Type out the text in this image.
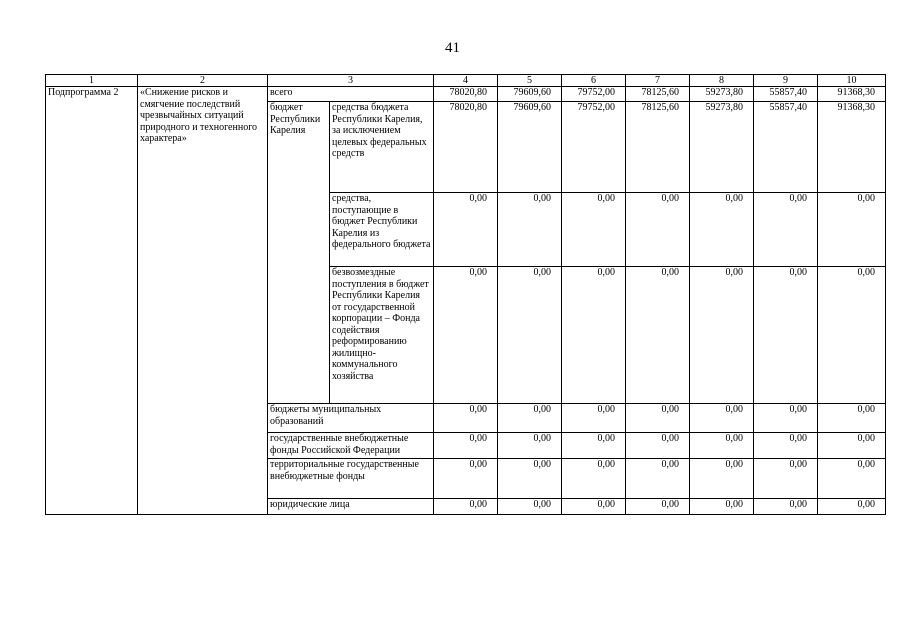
41
1	2	3		4	5	6	7	8	9	10
Подпрограмма 2	«Снижение рисков и смягчение последствий чрезвычайных ситуаций природного и техногенного характера»	всего		78020,80	79609,60	79752,00	78125,60	59273,80	55857,40	91368,30
		бюджет Республики Карелия	средства бюджета Республики Карелия, за исключением целевых федеральных средств	78020,80	79609,60	79752,00	78125,60	59273,80	55857,40	91368,30
			средства, поступающие в бюджет Республики Карелия из федерального бюджета	0,00	0,00	0,00	0,00	0,00	0,00	0,00
			безвозмездные поступления в бюджет Республики Карелия от государственной корпорации – Фонда содействия реформированию жилищно-коммунального хозяйства	0,00	0,00	0,00	0,00	0,00	0,00	0,00
		бюджеты муниципальных образований		0,00	0,00	0,00	0,00	0,00	0,00	0,00
		государственные внебюджетные фонды Российской Федерации		0,00	0,00	0,00	0,00	0,00	0,00	0,00
		территориальные государственные внебюджетные фонды		0,00	0,00	0,00	0,00	0,00	0,00	0,00
		юридические лица		0,00	0,00	0,00	0,00	0,00	0,00	0,00
